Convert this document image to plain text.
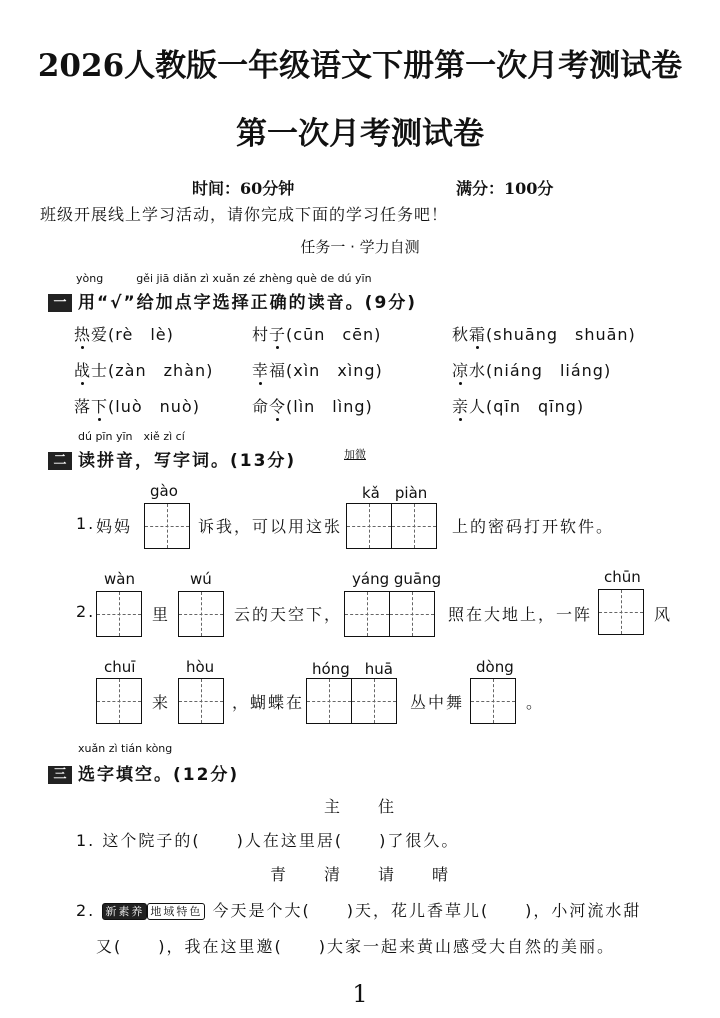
2026人教版一年级语文下册第一次月考测试卷
第一次月考测试卷
时间：60分钟	满分：100分
班级开展线上学习活动，请你完成下面的学习任务吧！
任务一 · 学力自测
yòng　　　gěi jiā diǎn zì xuǎn zé zhèng què de dú yīn
一 用“√”给加点字选择正确的读音。(9分)
热爱(rè　lè)	村子(cūn　cēn)	秋霜(shuāng　shuān)
战士(zàn　zhàn) 幸福(xìn　xìng)	凉水(niáng　liáng)
落下(luò　nuò)	命令(lìn　lìng)	亲人(qīn　qīng)
dú pīn yīn　xiě zì cí
二 读拼音，写字词。(13分)	加微
1. 妈妈
gào
诉我，可以用这张
kǎ　piàn
上的密码打开软件。
2.
wàn
里
wú
云的天空下，
yáng guāng
照在大地上，一阵
chūn
风
chuī
来
hòu
，蝴蝶在
hóng　huā
丛中舞
dòng
。
xuǎn zì tián kòng
三 选字填空。(12分)
主　　住
1. 这个院子的(　　)人在这里居(　　)了很久。
青　　清　　请　　晴
2. 新素养 地域特色 今天是个大(　　)天，花儿香草儿(　　)，小河流水甜
又(　　)，我在这里邀(　　)大家一起来黄山感受大自然的美丽。
1
